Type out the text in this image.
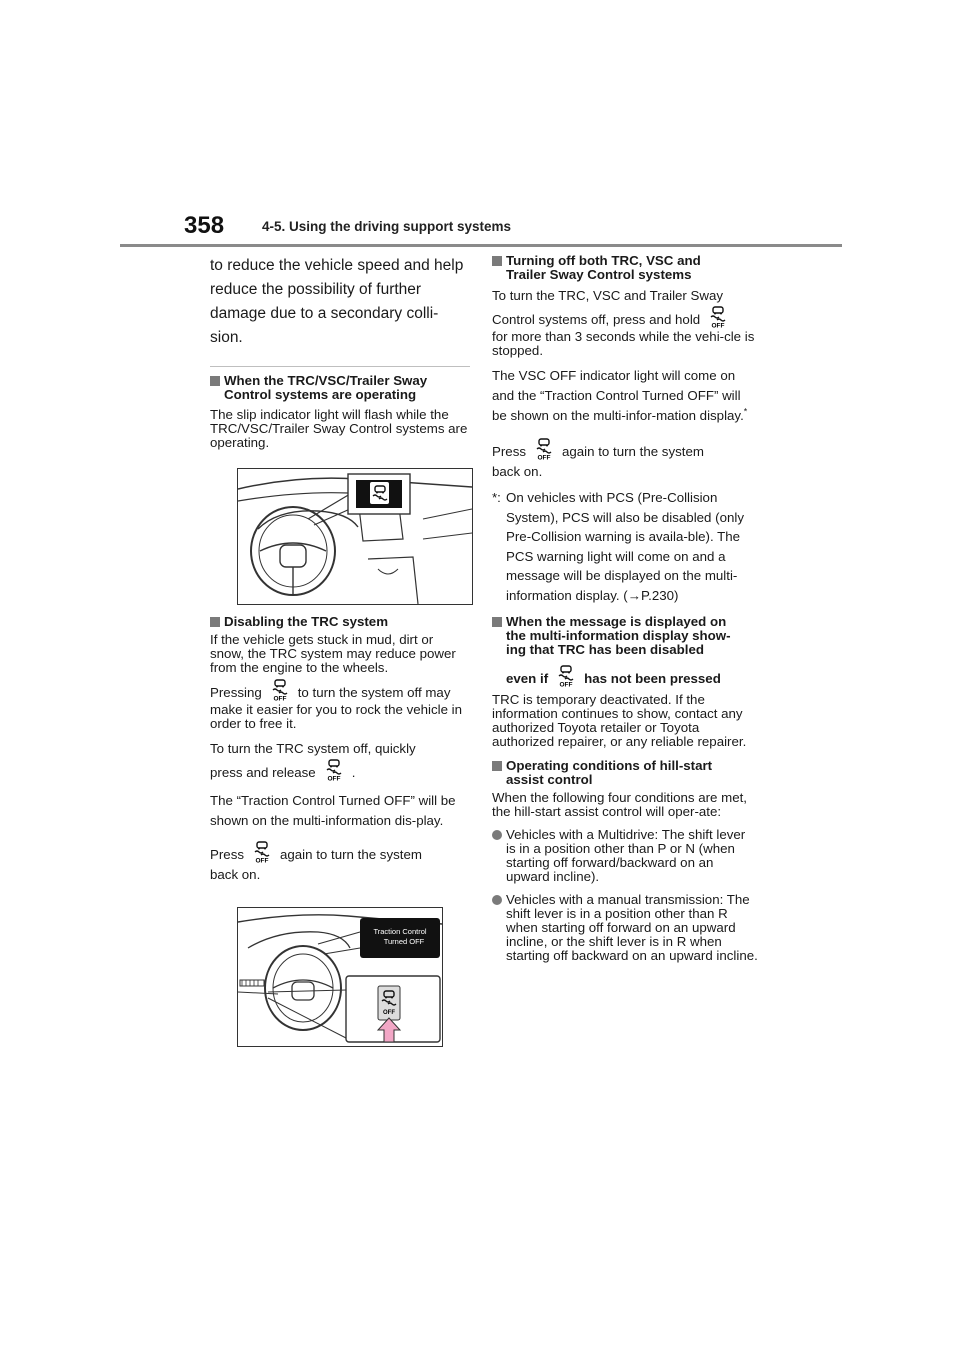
358	4-5. Using the driving support systems

to reduce the vehicle speed and help reduce the possibility of further damage due to a secondary colli-sion.

When the TRC/VSC/Trailer Sway
Control systems are operating

The slip indicator light will flash while the TRC/VSC/Trailer Sway Control systems are operating.

Disabling the TRC system

If the vehicle gets stuck in mud, dirt or snow, the TRC system may reduce power from the engine to the wheels.

Pressing OFF to turn the system off may

make it easier for you to rock the vehicle in order to free it.

To turn the TRC system off, quickly
press and release OFF .

The “Traction Control Turned OFF” will be shown on the multi-information dis-play.

Press OFF again to turn the system
back on.

Traction Control
Turned OFF
OFF
Turning off both TRC, VSC and
Trailer Sway Control systems

To turn the TRC, VSC and Trailer Sway
Control systems off, press and hold OFF

for more than 3 seconds while the vehi-cle is stopped.

The VSC OFF indicator light will come on and the “Traction Control Turned OFF” will be shown on the multi-infor-mation display.*

Press OFF again to turn the system
back on.

*: On vehicles with PCS (Pre-Collision System), PCS will also be disabled (only Pre-Collision warning is availa-ble). The PCS warning light will come on and a message will be displayed on the multi-information display. (→P.230)
When the message is displayed on
the multi-information display show-
ing that TRC has been disabled
even if OFF has not been pressed

TRC is temporary deactivated. If the information continues to show, contact any authorized Toyota retailer or Toyota authorized repairer, or any reliable repairer.

Operating conditions of hill-start
assist control

When the following four conditions are met, the hill-start assist control will oper-ate:

Vehicles with a Multidrive: The shift lever is in a position other than P or N (when starting off forward/backward on an upward incline).
Vehicles with a manual transmission: The shift lever is in a position other than R when starting off forward on an upward incline, or the shift lever is in R when starting off backward on an upward incline.
